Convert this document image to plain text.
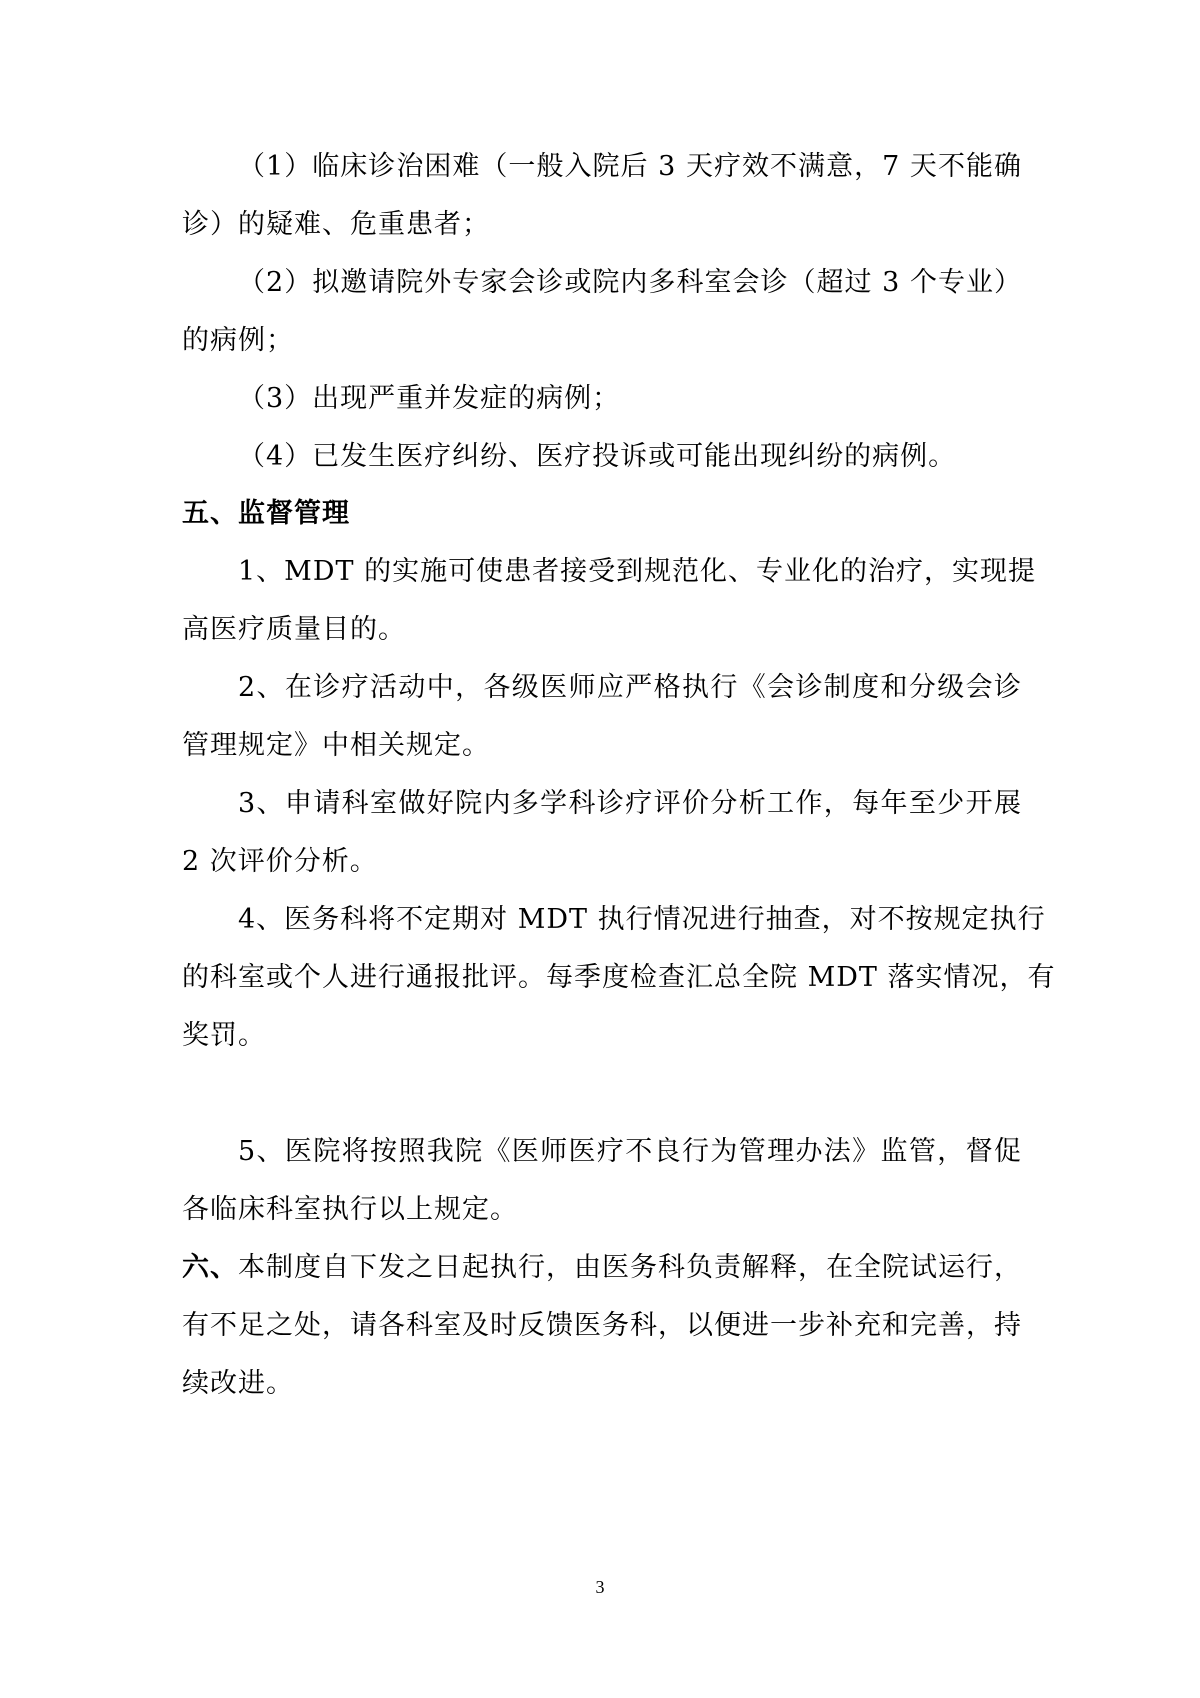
（1）临床诊治困难（一般入院后 3 天疗效不满意，7 天不能确
诊）的疑难、危重患者；
（2）拟邀请院外专家会诊或院内多科室会诊（超过 3 个专业）
的病例；
（3）出现严重并发症的病例；
（4）已发生医疗纠纷、医疗投诉或可能出现纠纷的病例。
五、监督管理
1、MDT 的实施可使患者接受到规范化、专业化的治疗，实现提
高医疗质量目的。
2、在诊疗活动中，各级医师应严格执行《会诊制度和分级会诊
管理规定》中相关规定。
3、申请科室做好院内多学科诊疗评价分析工作，每年至少开展
2 次评价分析。
4、医务科将不定期对 MDT 执行情况进行抽查，对不按规定执行
的科室或个人进行通报批评。每季度检查汇总全院 MDT 落实情况，有
奖罚。
5、医院将按照我院《医师医疗不良行为管理办法》监管，督促
各临床科室执行以上规定。
六、本制度自下发之日起执行，由医务科负责解释，在全院试运行，
有不足之处，请各科室及时反馈医务科，以便进一步补充和完善，持
续改进。
3
